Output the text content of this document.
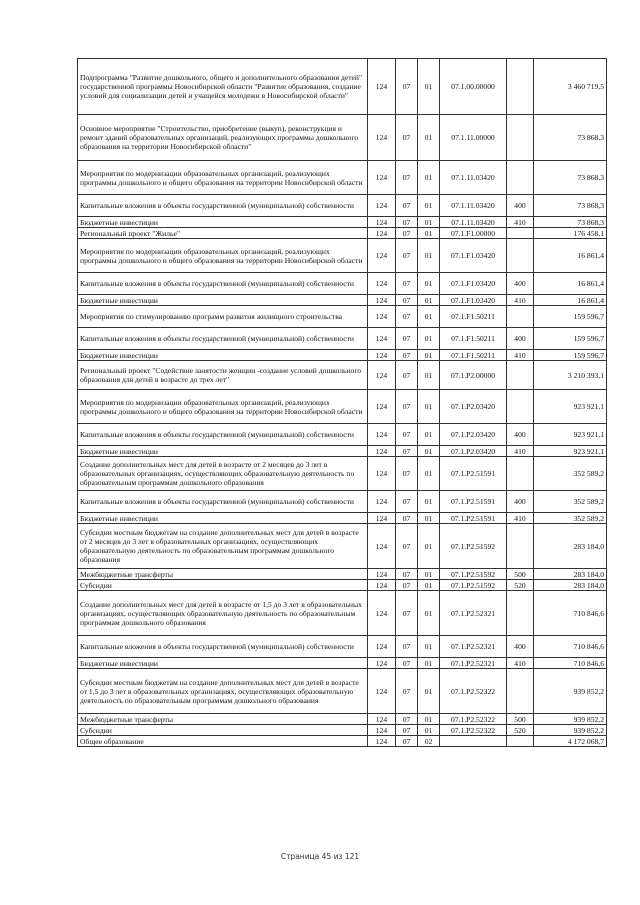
Подпрограмма "Развитие дошкольного, общего и дополнительного образования детей" государственной программы Новосибирской области "Развитие образования, создание условий для социализации детей и учащейся молодежи в Новосибирской области"	124	07	01	07.1.00.00000		3 460 719,5
Основное мероприятие "Строительство, приобретение (выкуп), реконструкция и ремонт зданий образовательных организаций, реализующих программы дошкольного образования на территории Новосибирской области"	124	07	01	07.1.11.00000		73 868,3
Мероприятия по модернизации образовательных организаций, реализующих программы дошкольного и общего образования на территории Новосибирской области	124	07	01	07.1.11.03420		73 868,3
Капитальные вложения в объекты государственной (муниципальной) собственности	124	07	01	07.1.11.03420	400	73 868,3
Бюджетные инвестиции	124	07	01	07.1.11.03420	410	73 868,3
Региональный проект "Жилье"	124	07	01	07.1.F1.00000		176 458,1
Мероприятия по модернизации образовательных организаций, реализующих программы дошкольного и общего образования на территории Новосибирской области	124	07	01	07.1.F1.03420		16 861,4
Капитальные вложения в объекты государственной (муниципальной) собственности	124	07	01	07.1.F1.03420	400	16 861,4
Бюджетные инвестиции	124	07	01	07.1.F1.03420	410	16 861,4
Мероприятия по стимулированию программ развития жилищного строительства	124	07	01	07.1.F1.50211		159 596,7
Капитальные вложения в объекты государственной (муниципальной) собственности	124	07	01	07.1.F1.50211	400	159 596,7
Бюджетные инвестиции	124	07	01	07.1.F1.50211	410	159 596,7
Региональный проект "Содействие занятости женщин -создание условий дошкольного образования для детей в возрасте до трех лет"	124	07	01	07.1.P2.00000		3 210 393,1
Мероприятия по модернизации образовательных организаций, реализующих программы дошкольного и общего образования на территории Новосибирской области	124	07	01	07.1.P2.03420		923 921,1
Капитальные вложения в объекты государственной (муниципальной) собственности	124	07	01	07.1.P2.03420	400	923 921,1
Бюджетные инвестиции	124	07	01	07.1.P2.03420	410	923 921,1
Создание дополнительных мест для детей в возрасте от 2 месяцев до 3 лет в образовательных организациях, осуществляющих образовательную деятельность по образовательным программам дошкольного образования	124	07	01	07.1.P2.51591		352 589,2
Капитальные вложения в объекты государственной (муниципальной) собственности	124	07	01	07.1.P2.51591	400	352 589,2
Бюджетные инвестиции	124	07	01	07.1.P2.51591	410	352 589,2
Субсидии местным бюджетам на создание дополнительных мест для детей в возрасте от 2 месяцев до 3 лет в образовательных организациях, осуществляющих образовательную деятельность по образовательным программам дошкольного образования	124	07	01	07.1.P2.51592		283 184,0
Межбюджетные трансферты	124	07	01	07.1.P2.51592	500	283 184,0
Субсидии	124	07	01	07.1.P2.51592	520	283 184,0
Создание дополнительных мест для детей в возрасте от 1,5 до 3 лет в образовательных организациях, осуществляющих образовательную деятельность по образовательным программам дошкольного образования	124	07	01	07.1.P2.52321		710 846,6
Капитальные вложения в объекты государственной (муниципальной) собственности	124	07	01	07.1.P2.52321	400	710 846,6
Бюджетные инвестиции	124	07	01	07.1.P2.52321	410	710 846,6
Субсидии местным бюджетам на создание дополнительных мест для детей в возрасте от 1,5 до 3 лет в образовательных организациях, осуществляющих образовательную деятельность по образовательным программам дошкольного образования	124	07	01	07.1.P2.52322		939 852,2
Межбюджетные трансферты	124	07	01	07.1.P2.52322	500	939 852,2
Субсидии	124	07	01	07.1.P2.52322	520	939 852,2
Общее образование	124	07	02			4 172 068,7
Страница 45 из 121
